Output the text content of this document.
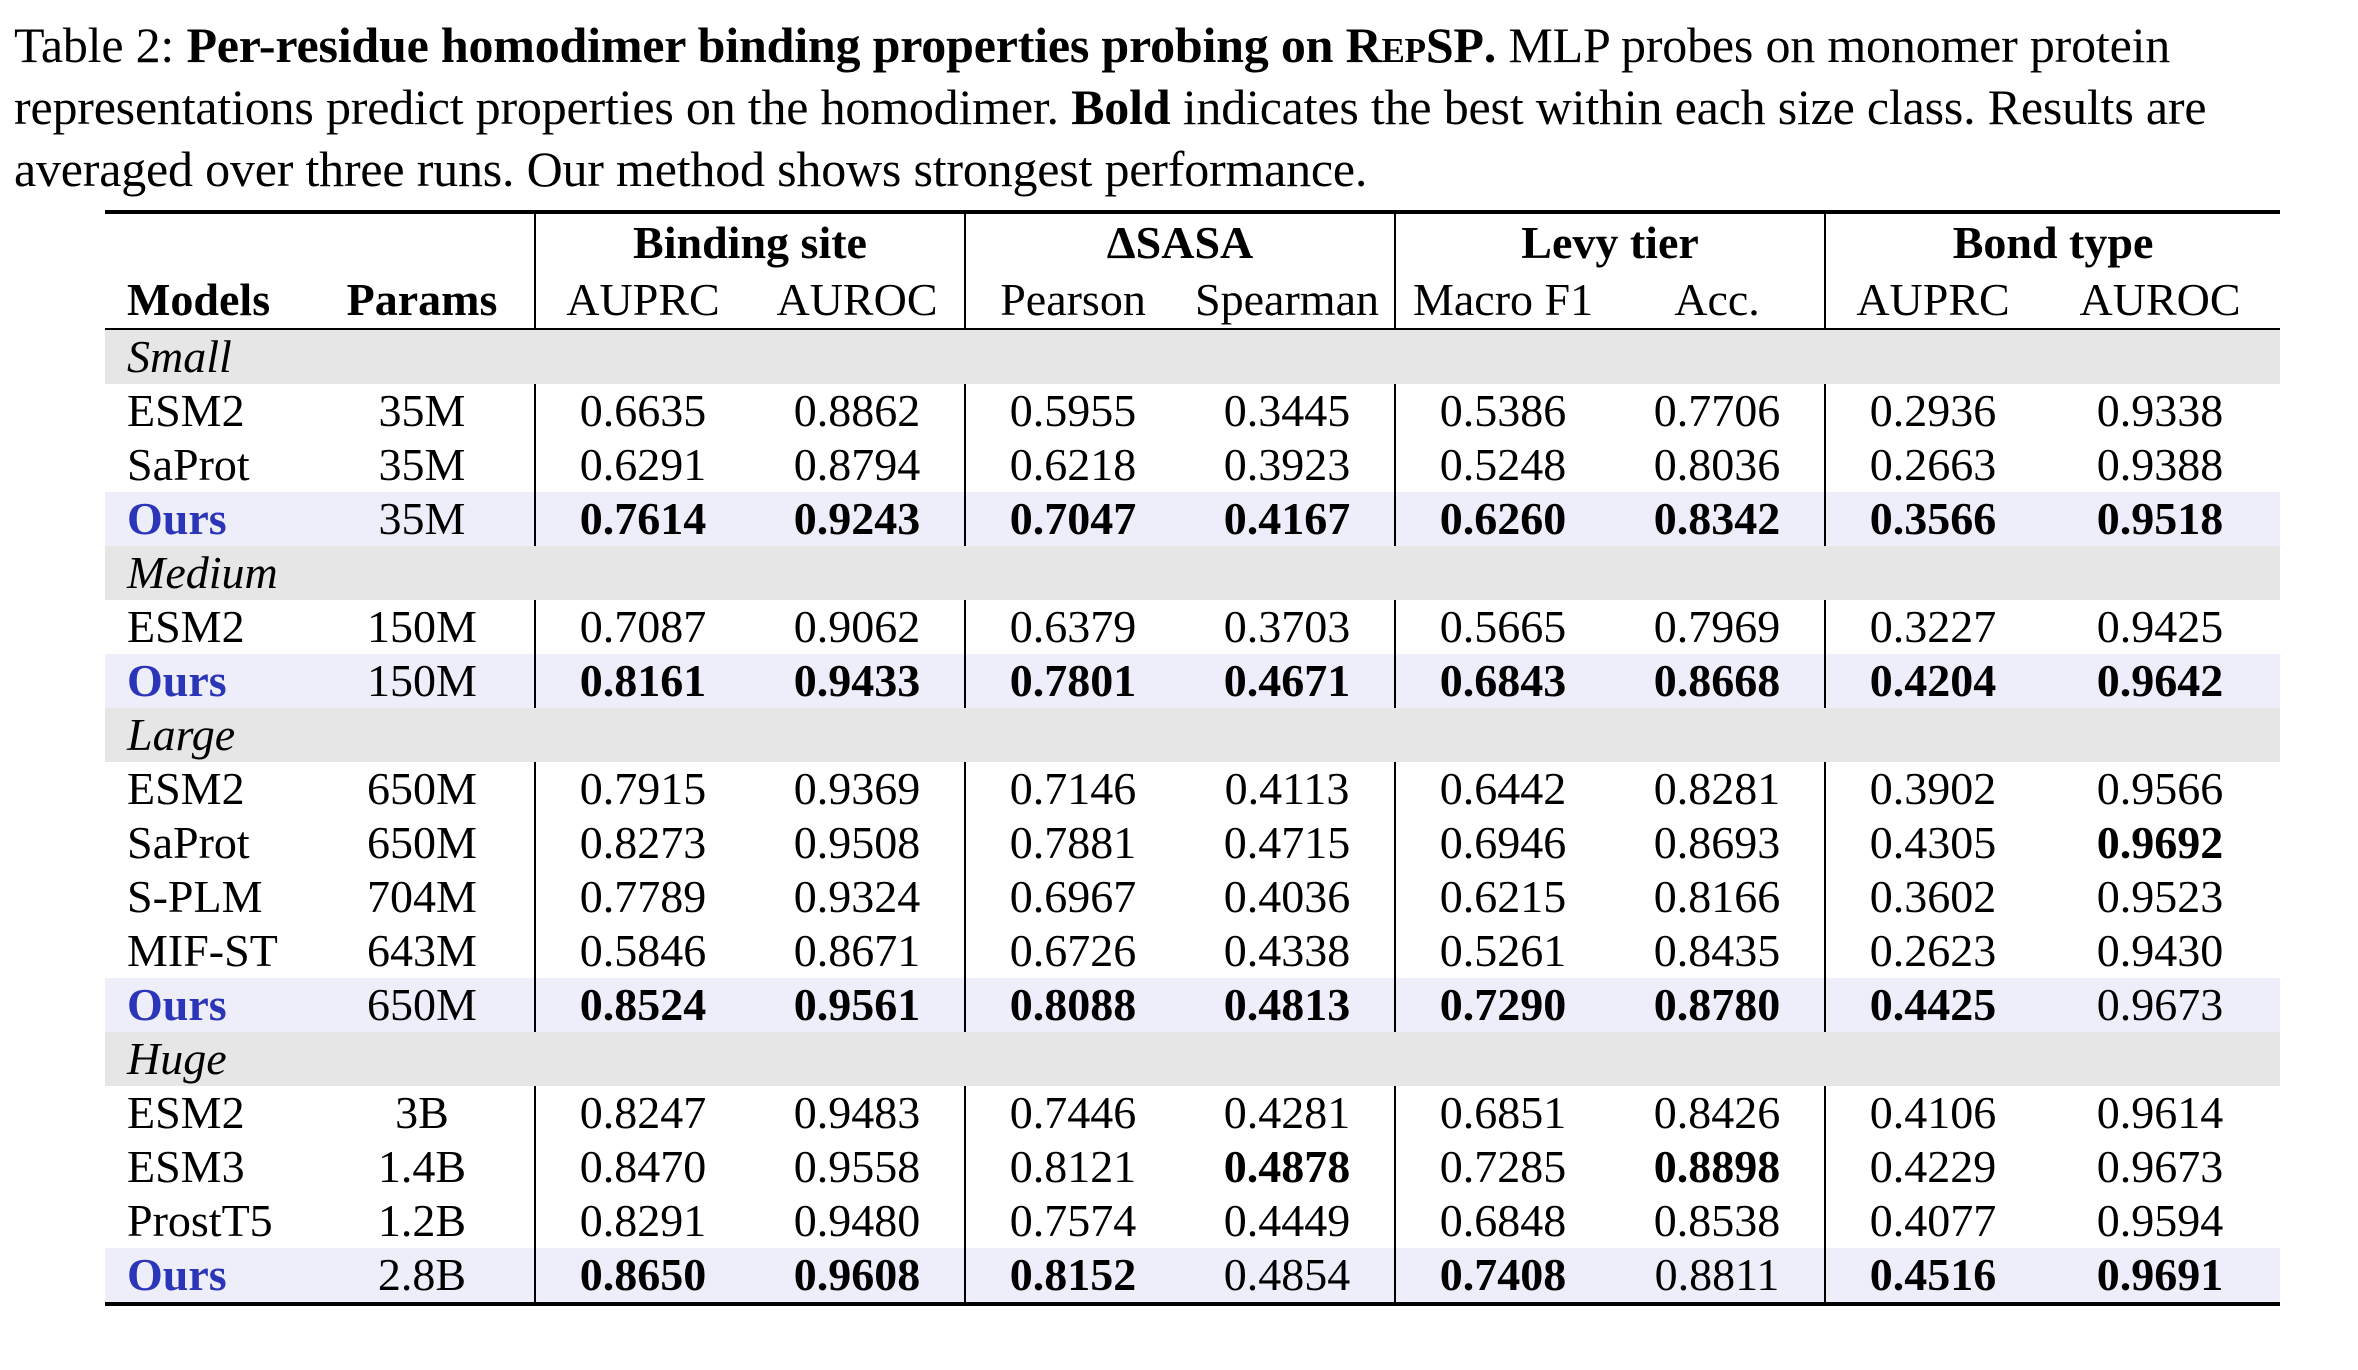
Table 2: Per-residue homodimer binding properties probing on RepSP. MLP probes on monomer protein representations predict properties on the homodimer. Bold indicates the best within each size class. Results are averaged over three runs. Our method shows strongest performance.
		Binding site		ΔSASA		Levy tier		Bond type	
Models	Params	AUPRC	AUROC	Pearson	Spearman	Macro F1	Acc.	AUPRC	AUROC
Small									
ESM2	35M	0.6635	0.8862	0.5955	0.3445	0.5386	0.7706	0.2936	0.9338
SaProt	35M	0.6291	0.8794	0.6218	0.3923	0.5248	0.8036	0.2663	0.9388
Ours	35M	0.7614	0.9243	0.7047	0.4167	0.6260	0.8342	0.3566	0.9518
Medium									
ESM2	150M	0.7087	0.9062	0.6379	0.3703	0.5665	0.7969	0.3227	0.9425
Ours	150M	0.8161	0.9433	0.7801	0.4671	0.6843	0.8668	0.4204	0.9642
Large									
ESM2	650M	0.7915	0.9369	0.7146	0.4113	0.6442	0.8281	0.3902	0.9566
SaProt	650M	0.8273	0.9508	0.7881	0.4715	0.6946	0.8693	0.4305	0.9692
S-PLM	704M	0.7789	0.9324	0.6967	0.4036	0.6215	0.8166	0.3602	0.9523
MIF-ST	643M	0.5846	0.8671	0.6726	0.4338	0.5261	0.8435	0.2623	0.9430
Ours	650M	0.8524	0.9561	0.8088	0.4813	0.7290	0.8780	0.4425	0.9673
Huge									
ESM2	3B	0.8247	0.9483	0.7446	0.4281	0.6851	0.8426	0.4106	0.9614
ESM3	1.4B	0.8470	0.9558	0.8121	0.4878	0.7285	0.8898	0.4229	0.9673
ProstT5	1.2B	0.8291	0.9480	0.7574	0.4449	0.6848	0.8538	0.4077	0.9594
Ours	2.8B	0.8650	0.9608	0.8152	0.4854	0.7408	0.8811	0.4516	0.9691
